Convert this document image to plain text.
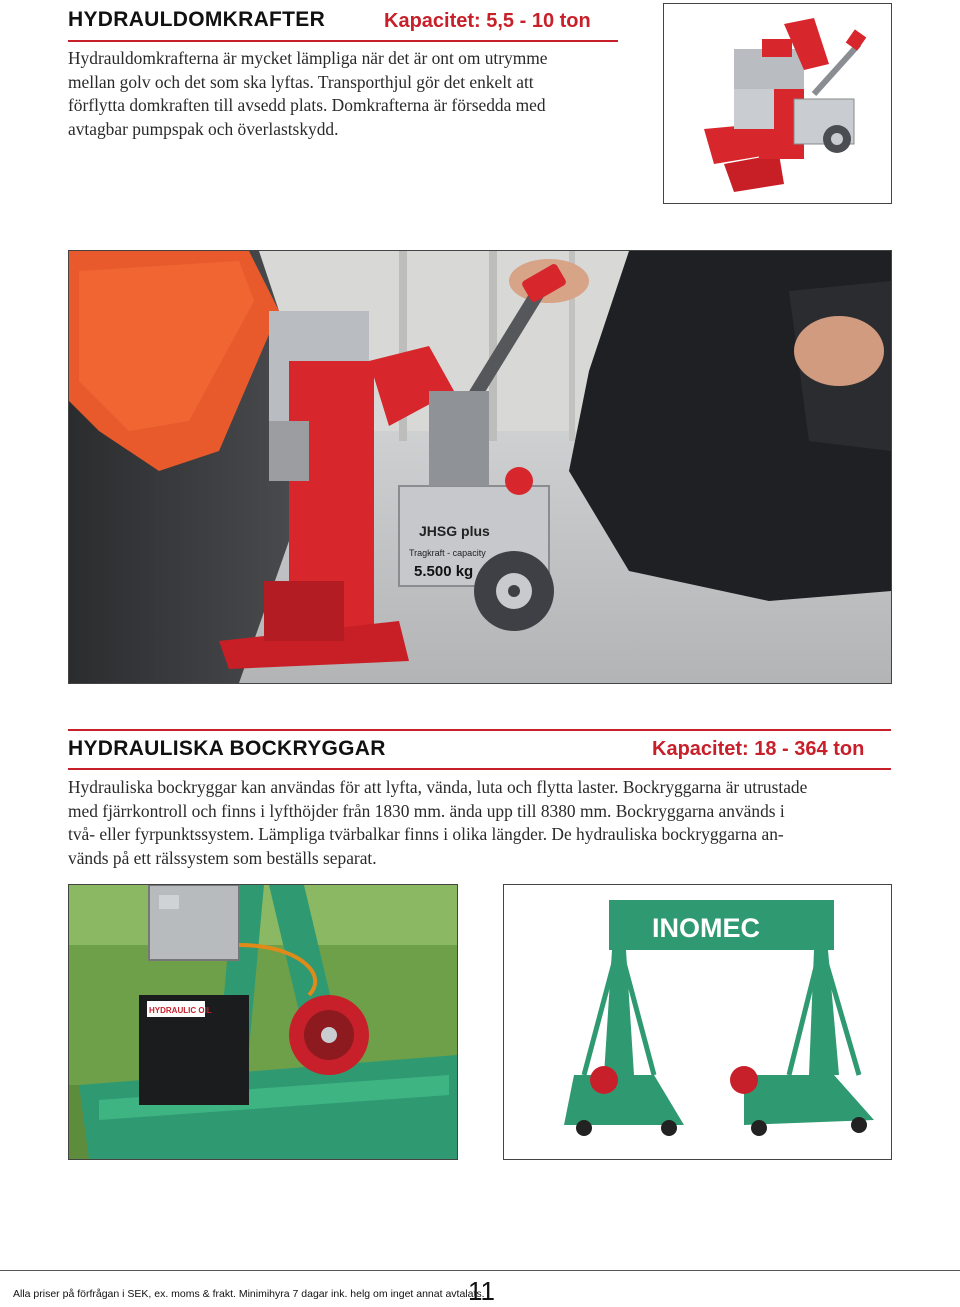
HYDRAULDOMKRAFTER	Kapacitet: 5,5 - 10 ton
Hydrauldomkrafterna är mycket lämpliga när det är ont om utrymme
mellan golv och det som ska lyftas. Transporthjul gör det enkelt att
förflytta domkraften till avsedd plats. Domkrafterna är försedda med
avtagbar pumpspak och överlastskydd.
JHSG plus
Tragkraft - capacity
5.500 kg
HYDRAULISKA BOCKRYGGAR	Kapacitet: 18 - 364 ton
Hydrauliska bockryggar kan användas för att lyfta, vända, luta och flytta laster. Bockryggarna är utrustade
med fjärrkontroll och finns i lyfthöjder från 1830 mm. ända upp till 8380 mm. Bockryggarna används i
två- eller fyrpunktssystem. Lämpliga tvärbalkar finns i olika längder. De hydrauliska bockryggarna an-
vänds på ett rälssystem som beställs separat.
HYDRAULIC OIL
INOMEC
Alla priser på förfrågan i SEK, ex. moms & frakt. Minimihyra 7 dagar ink. helg om inget annat avtalats.
11
